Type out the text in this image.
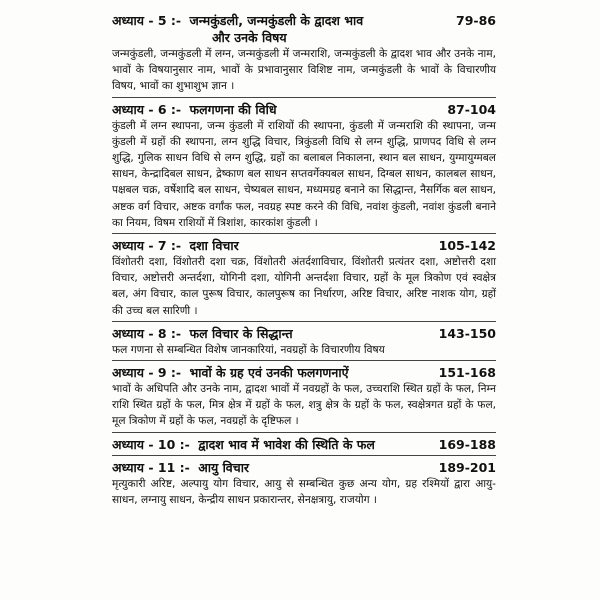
अध्याय - 5 :- जन्मकुंडली, जन्मकुंडली के द्वादश भाव	79-86
और उनके विषय
जन्मकुंडली, जन्मकुंडली में लग्न, जन्मकुंडली में जन्मराशि, जन्मकुंडली के द्वादश भाव और उनके नाम, भावों के विषयानुसार नाम, भावों के प्रभावानुसार विशिष्ट नाम, जन्मकुंडली के भावों के विचारणीय विषय, भावों का शुभाशुभ ज्ञान ।
अध्याय - 6 :- फलगणना की विधि	87-104
कुंडली में लग्न स्थापना, जन्म कुंडली में राशियों की स्थापना, कुंडली में जन्मराशि की स्थापना, जन्म कुंडली में ग्रहों की स्थापना, लग्न शुद्धि विचार, त्रिकुंडली विधि से लग्न शुद्धि, प्राणपद विधि से लग्न शुद्धि, गुलिक साधन विधि से लग्न शुद्धि, ग्रहों का बलाबल निकालना, स्थान बल साधन, युग्मायुग्मबल साधन, केन्द्रादिबल साधन, द्रेष्काण बल साधन सप्तवर्गेक्यबल साधन, दिग्बल साधन, कालबल साधन, पक्षबल चक्र, वर्षेशादि बल साधन, चेष्यबल साधन, मध्यमग्रह बनाने का सिद्धान्त, नैसर्गिक बल साधन, अष्टक वर्ग विचार, अष्टक वर्गांक फल, नवग्रह स्पष्ट करने की विधि, नवांश कुंडली, नवांश कुंडली बनाने का नियम, विषम राशियों में त्रिशांश, कारकांश कुंडली ।
अध्याय - 7 :- दशा विचार	105-142
विंशोतरी दशा, विंशोतरी दशा चक्र, विंशोतरी अंतर्दशाविचार, विंशोतरी प्रत्यंतर दशा, अष्टोत्तरी दशा विचार, अष्टोत्तरी अन्तर्दशा, योगिनी दशा, योगिनी अन्तर्दशा विचार, ग्रहों के मूल त्रिकोण एवं स्वक्षेत्र बल, अंग विचार, काल पुरूष विचार, कालपुरूष का निर्धारण, अरिष्ट विचार, अरिष्ट नाशक योग, ग्रहों की उच्च बल सारिणी ।
अध्याय - 8 :- फल विचार के सिद्धान्त	143-150
फल गणना से सम्बन्धित विशेष जानकारियां, नवग्रहों के विचारणीय विषय
अध्याय - 9 :- भावों के ग्रह एवं उनकी फलगणनाऐं	151-168
भावों के अधिपति और उनके नाम, द्वादश भावों में नवग्रहों के फल, उच्चराशि स्थित ग्रहों के फल, निम्न राशि स्थित ग्रहों के फल, मित्र क्षेत्र में ग्रहों के फल, शत्रु क्षेत्र के ग्रहों के फल, स्वक्षेत्रगत ग्रहों के फल, मूल त्रिकोण में ग्रहों के फल, नवग्रहों के दृष्टिफल ।
अध्याय - 10 :- द्वादश भाव में भावेश की स्थिति के फल	169-188
अध्याय - 11 :- आयु विचार	189-201
मृत्युकारी अरिष्ट, अल्पायु योग विचार, आयु से सम्बन्धित कुछ अन्य योग, ग्रह रश्मियों द्वारा आयु-साधन, लग्नायु साधन, केन्द्रीय साधन प्रकारान्तर, सेनक्षत्रायु, राजयोग ।
